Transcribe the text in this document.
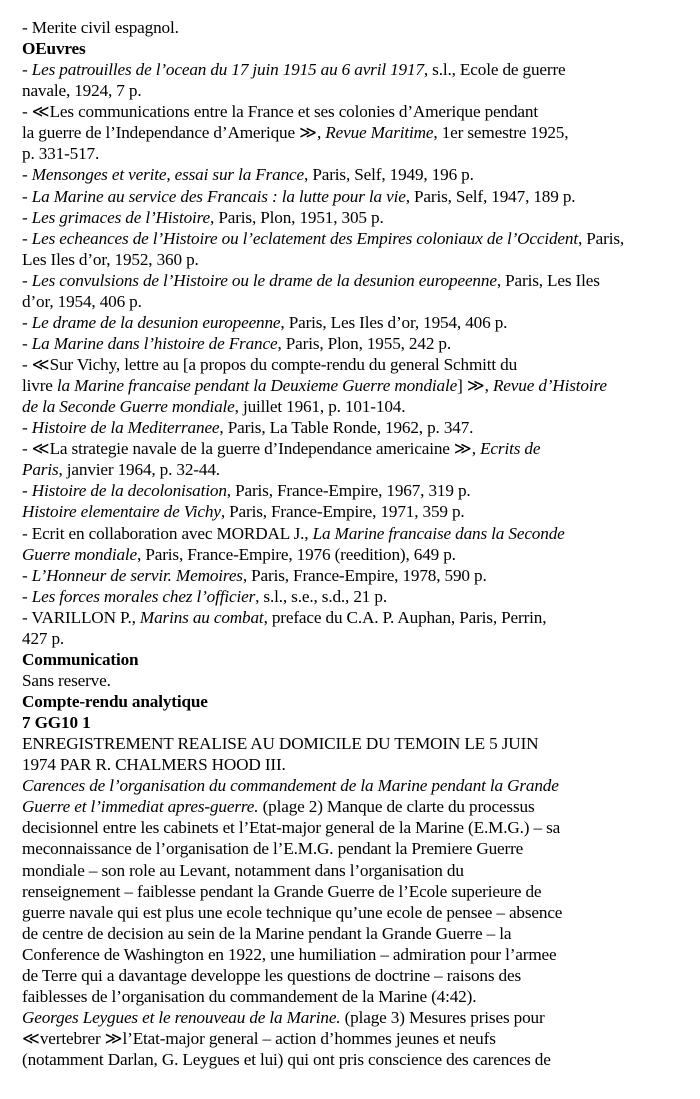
- Merite civil espagnol.
OEuvres
- Les patrouilles de l’ocean du 17 juin 1915 au 6 avril 1917, s.l., Ecole de guerre
navale, 1924, 7 p.
- ≪Les communications entre la France et ses colonies d’Amerique pendant
la guerre de l’Independance d’Amerique ≫, Revue Maritime, 1er semestre 1925,
p. 331-517.
- Mensonges et verite, essai sur la France, Paris, Self, 1949, 196 p.
- La Marine au service des Francais : la lutte pour la vie, Paris, Self, 1947, 189 p.
- Les grimaces de l’Histoire, Paris, Plon, 1951, 305 p.
- Les echeances de l’Histoire ou l’eclatement des Empires coloniaux de l’Occident, Paris,
Les Iles d’or, 1952, 360 p.
- Les convulsions de l’Histoire ou le drame de la desunion europeenne, Paris, Les Iles
d’or, 1954, 406 p.
- Le drame de la desunion europeenne, Paris, Les Iles d’or, 1954, 406 p.
- La Marine dans l’histoire de France, Paris, Plon, 1955, 242 p.
- ≪Sur Vichy, lettre au [a propos du compte-rendu du general Schmitt du
livre la Marine francaise pendant la Deuxieme Guerre mondiale] ≫, Revue d’Histoire
de la Seconde Guerre mondiale, juillet 1961, p. 101-104.
- Histoire de la Mediterranee, Paris, La Table Ronde, 1962, p. 347.
- ≪La strategie navale de la guerre d’Independance americaine ≫, Ecrits de
Paris, janvier 1964, p. 32-44.
- Histoire de la decolonisation, Paris, France-Empire, 1967, 319 p.
Histoire elementaire de Vichy, Paris, France-Empire, 1971, 359 p.
- Ecrit en collaboration avec MORDAL J., La Marine francaise dans la Seconde
Guerre mondiale, Paris, France-Empire, 1976 (reedition), 649 p.
- L’Honneur de servir. Memoires, Paris, France-Empire, 1978, 590 p.
- Les forces morales chez l’officier, s.l., s.e., s.d., 21 p.
- VARILLON P., Marins au combat, preface du C.A. P. Auphan, Paris, Perrin,
427 p.
Communication
Sans reserve.
Compte-rendu analytique
7 GG10 1
ENREGISTREMENT REALISE AU DOMICILE DU TEMOIN LE 5 JUIN
1974 PAR R. CHALMERS HOOD III.
Carences de l’organisation du commandement de la Marine pendant la Grande
Guerre et l’immediat apres-guerre. (plage 2) Manque de clarte du processus
decisionnel entre les cabinets et l’Etat-major general de la Marine (E.M.G.) – sa
meconnaissance de l’organisation de l’E.M.G. pendant la Premiere Guerre
mondiale – son role au Levant, notamment dans l’organisation du
renseignement – faiblesse pendant la Grande Guerre de l’Ecole superieure de
guerre navale qui est plus une ecole technique qu’une ecole de pensee – absence
de centre de decision au sein de la Marine pendant la Grande Guerre – la
Conference de Washington en 1922, une humiliation – admiration pour l’armee
de Terre qui a davantage developpe les questions de doctrine – raisons des
faiblesses de l’organisation du commandement de la Marine (4:42).
Georges Leygues et le renouveau de la Marine. (plage 3) Mesures prises pour
≪vertebrer ≫l’Etat-major general – action d’hommes jeunes et neufs
(notamment Darlan, G. Leygues et lui) qui ont pris conscience des carences de
